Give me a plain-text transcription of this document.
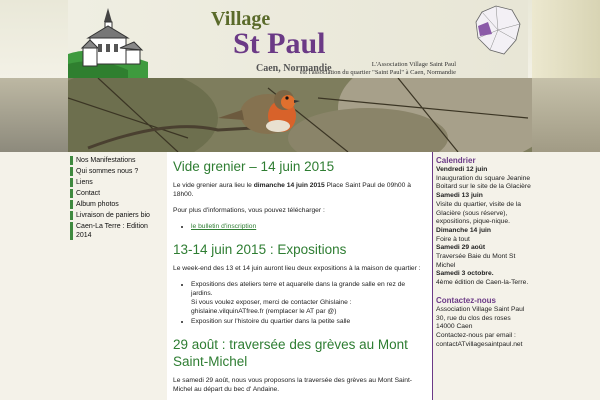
Village
St Paul
Caen, Normandie	L'Association Village Saint Paul
est l'association du quartier "Saint Paul" à Caen, Normandie
Nos Manifestations
Qui sommes nous ?
Liens
Contact
Album photos
Livraison de paniers bio
Caen-La Terre : Edition 2014
Vide grenier – 14 juin 2015

Le vide grenier aura lieu le dimanche 14 juin 2015 Place Saint Paul de 09h00 à 18h00.

Pour plus d'informations, vous pouvez télécharger :

• le bulletin d'inscription
13-14 juin 2015 : Expositions

Le week-end des 13 et 14 juin auront lieu deux expositions à la maison de quartier :

• Expositions des ateliers terre et aquarelle dans la grande salle en rez de jardins.
Si vous voulez exposer, merci de contacter Ghislaine : ghislaine.vilquinATfree.fr (remplacer le AT par @)
• Exposition sur l'histoire du quartier dans la petite salle
29 août : traversée des grèves au Mont Saint-Michel

Le samedi 29 août, nous vous proposons la traversée des grèves au Mont Saint-Michel au départ du bec d' Andaine.

Calendrier
Vendredi 12 juin
Inauguration du square Jeanine Boitard sur le site de la Glacière
Samedi 13 juin
Visite du quartier, visite de la Glacière (sous réserve), expositions, pique-nique.
Dimanche 14 juin
Foire à tout
Samedi 29 août
Traversée Baie du Mont St Michel
Samedi 3 octobre.
4ème édition de Caen-la-Terre.
Contactez-nous
Association Village Saint Paul
30, rue du clos des roses
14000 Caen
Contactez-nous par email :
contactATvillagesaintpaul.net
